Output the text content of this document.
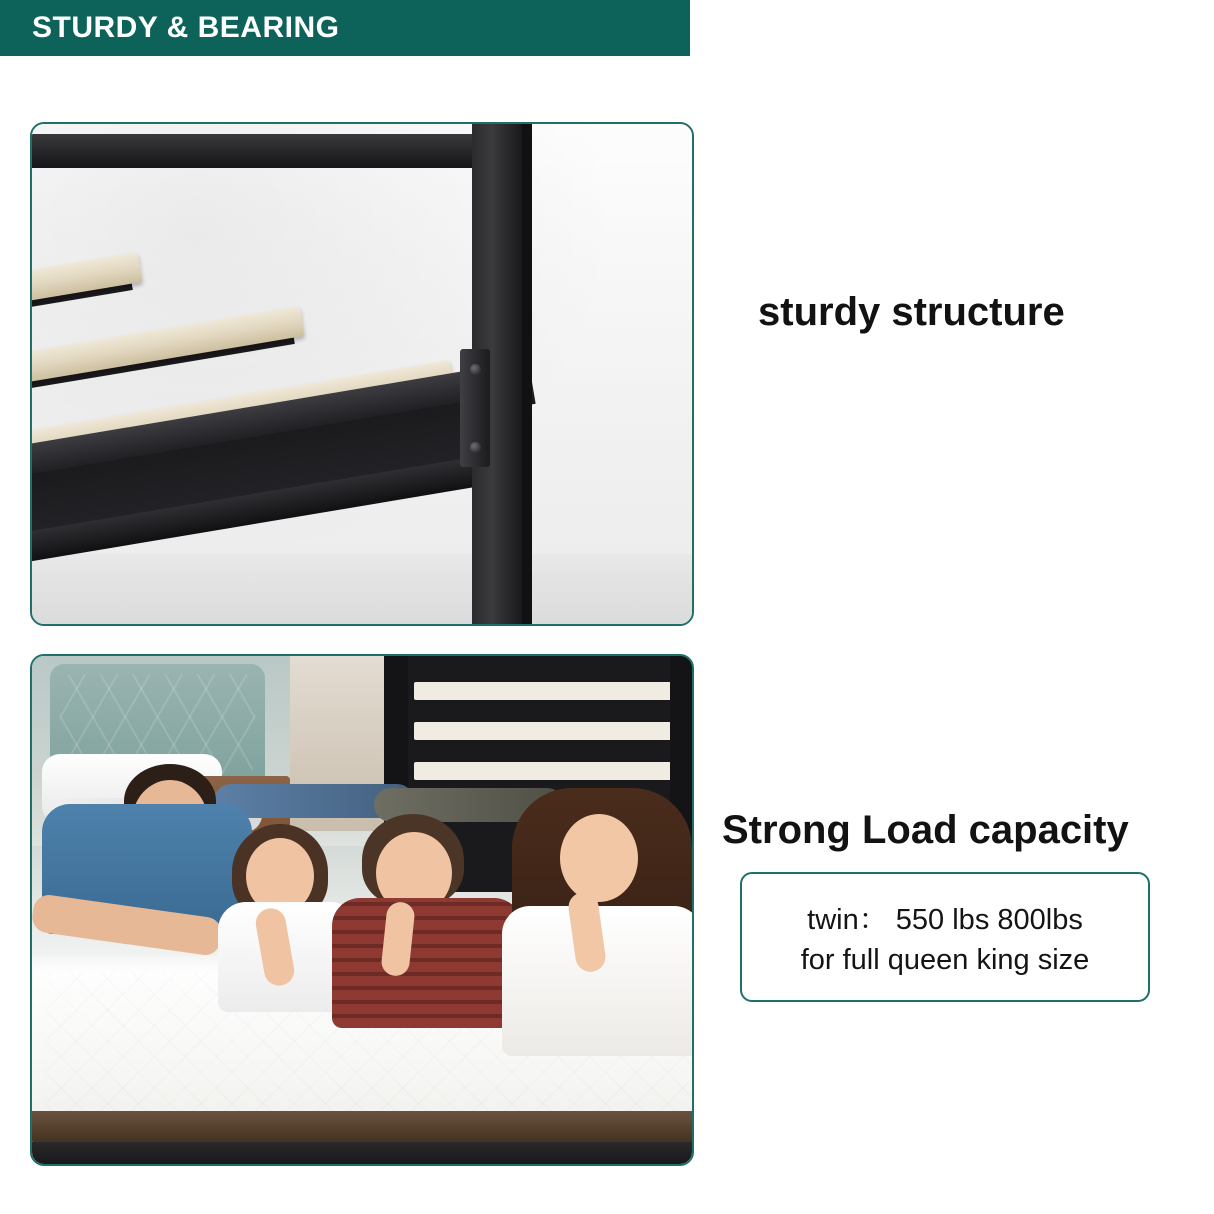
STURDY & BEARING
sturdy structure
Strong Load capacity
twin： 550 lbs 800lbs
for full queen king size
